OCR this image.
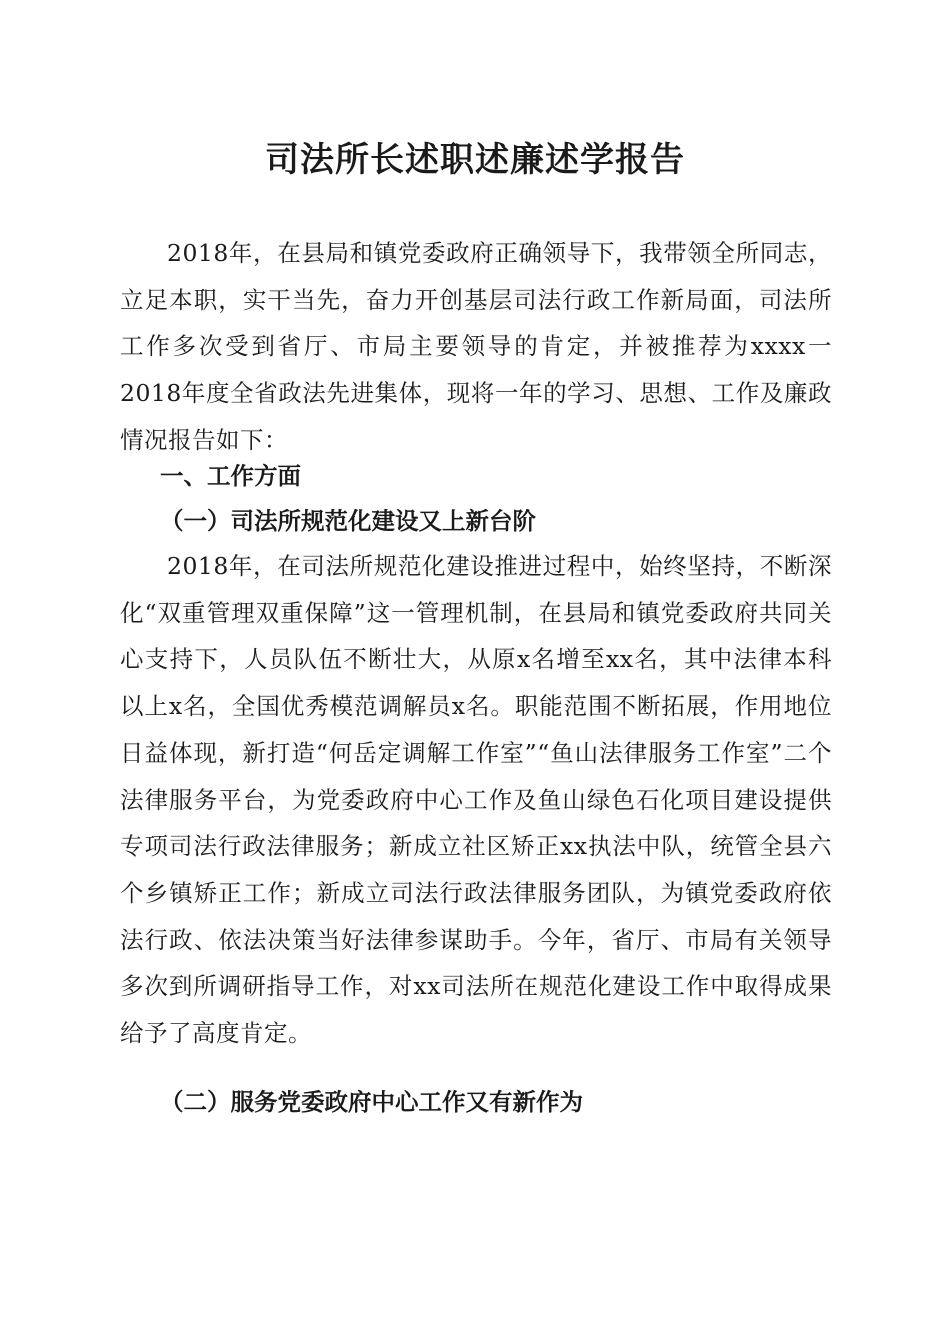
司法所长述职述廉述学报告
2018年，在县局和镇党委政府正确领导下，我带领全所同志，立足本职，实干当先，奋力开创基层司法行政工作新局面，司法所工作多次受到省厅、市局主要领导的肯定，并被推荐为xxxx一2018年度全省政法先进集体，现将一年的学习、思想、工作及廉政情况报告如下：
一、工作方面
（一）司法所规范化建设又上新台阶
2018年，在司法所规范化建设推进过程中，始终坚持，不断深化“双重管理双重保障”这一管理机制，在县局和镇党委政府共同关心支持下，人员队伍不断壮大，从原x名增至xx名，其中法律本科以上x名，全国优秀模范调解员x名。职能范围不断拓展，作用地位日益体现，新打造“何岳定调解工作室”“鱼山法律服务工作室”二个法律服务平台，为党委政府中心工作及鱼山绿色石化项目建设提供专项司法行政法律服务；新成立社区矫正xx执法中队，统管全县六个乡镇矫正工作；新成立司法行政法律服务团队，为镇党委政府依法行政、依法决策当好法律参谋助手。今年，省厅、市局有关领导多次到所调研指导工作，对xx司法所在规范化建设工作中取得成果给予了高度肯定。
（二）服务党委政府中心工作又有新作为
